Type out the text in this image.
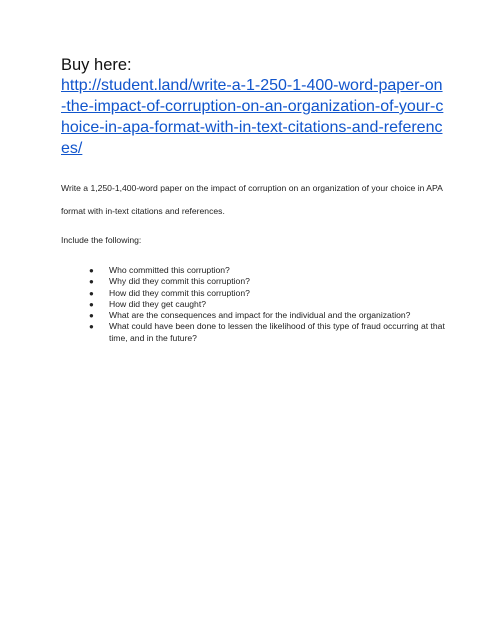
Buy here:

http://student.land/write-a-1-250-1-400-word-paper-on-the-impact-of-corruption-on-an-organization-of-your-choice-in-apa-format-with-in-text-citations-and-references/

Write a 1,250-1,400-word paper on the impact of corruption on an organization of your choice in APA format with in-text citations and references.

Include the following:

● Who committed this corruption?
● Why did they commit this corruption?
● How did they commit this corruption?
● How did they get caught?
● What are the consequences and impact for the individual and the organization?
● What could have been done to lessen the likelihood of this type of fraud occurring at that time, and in the future?
